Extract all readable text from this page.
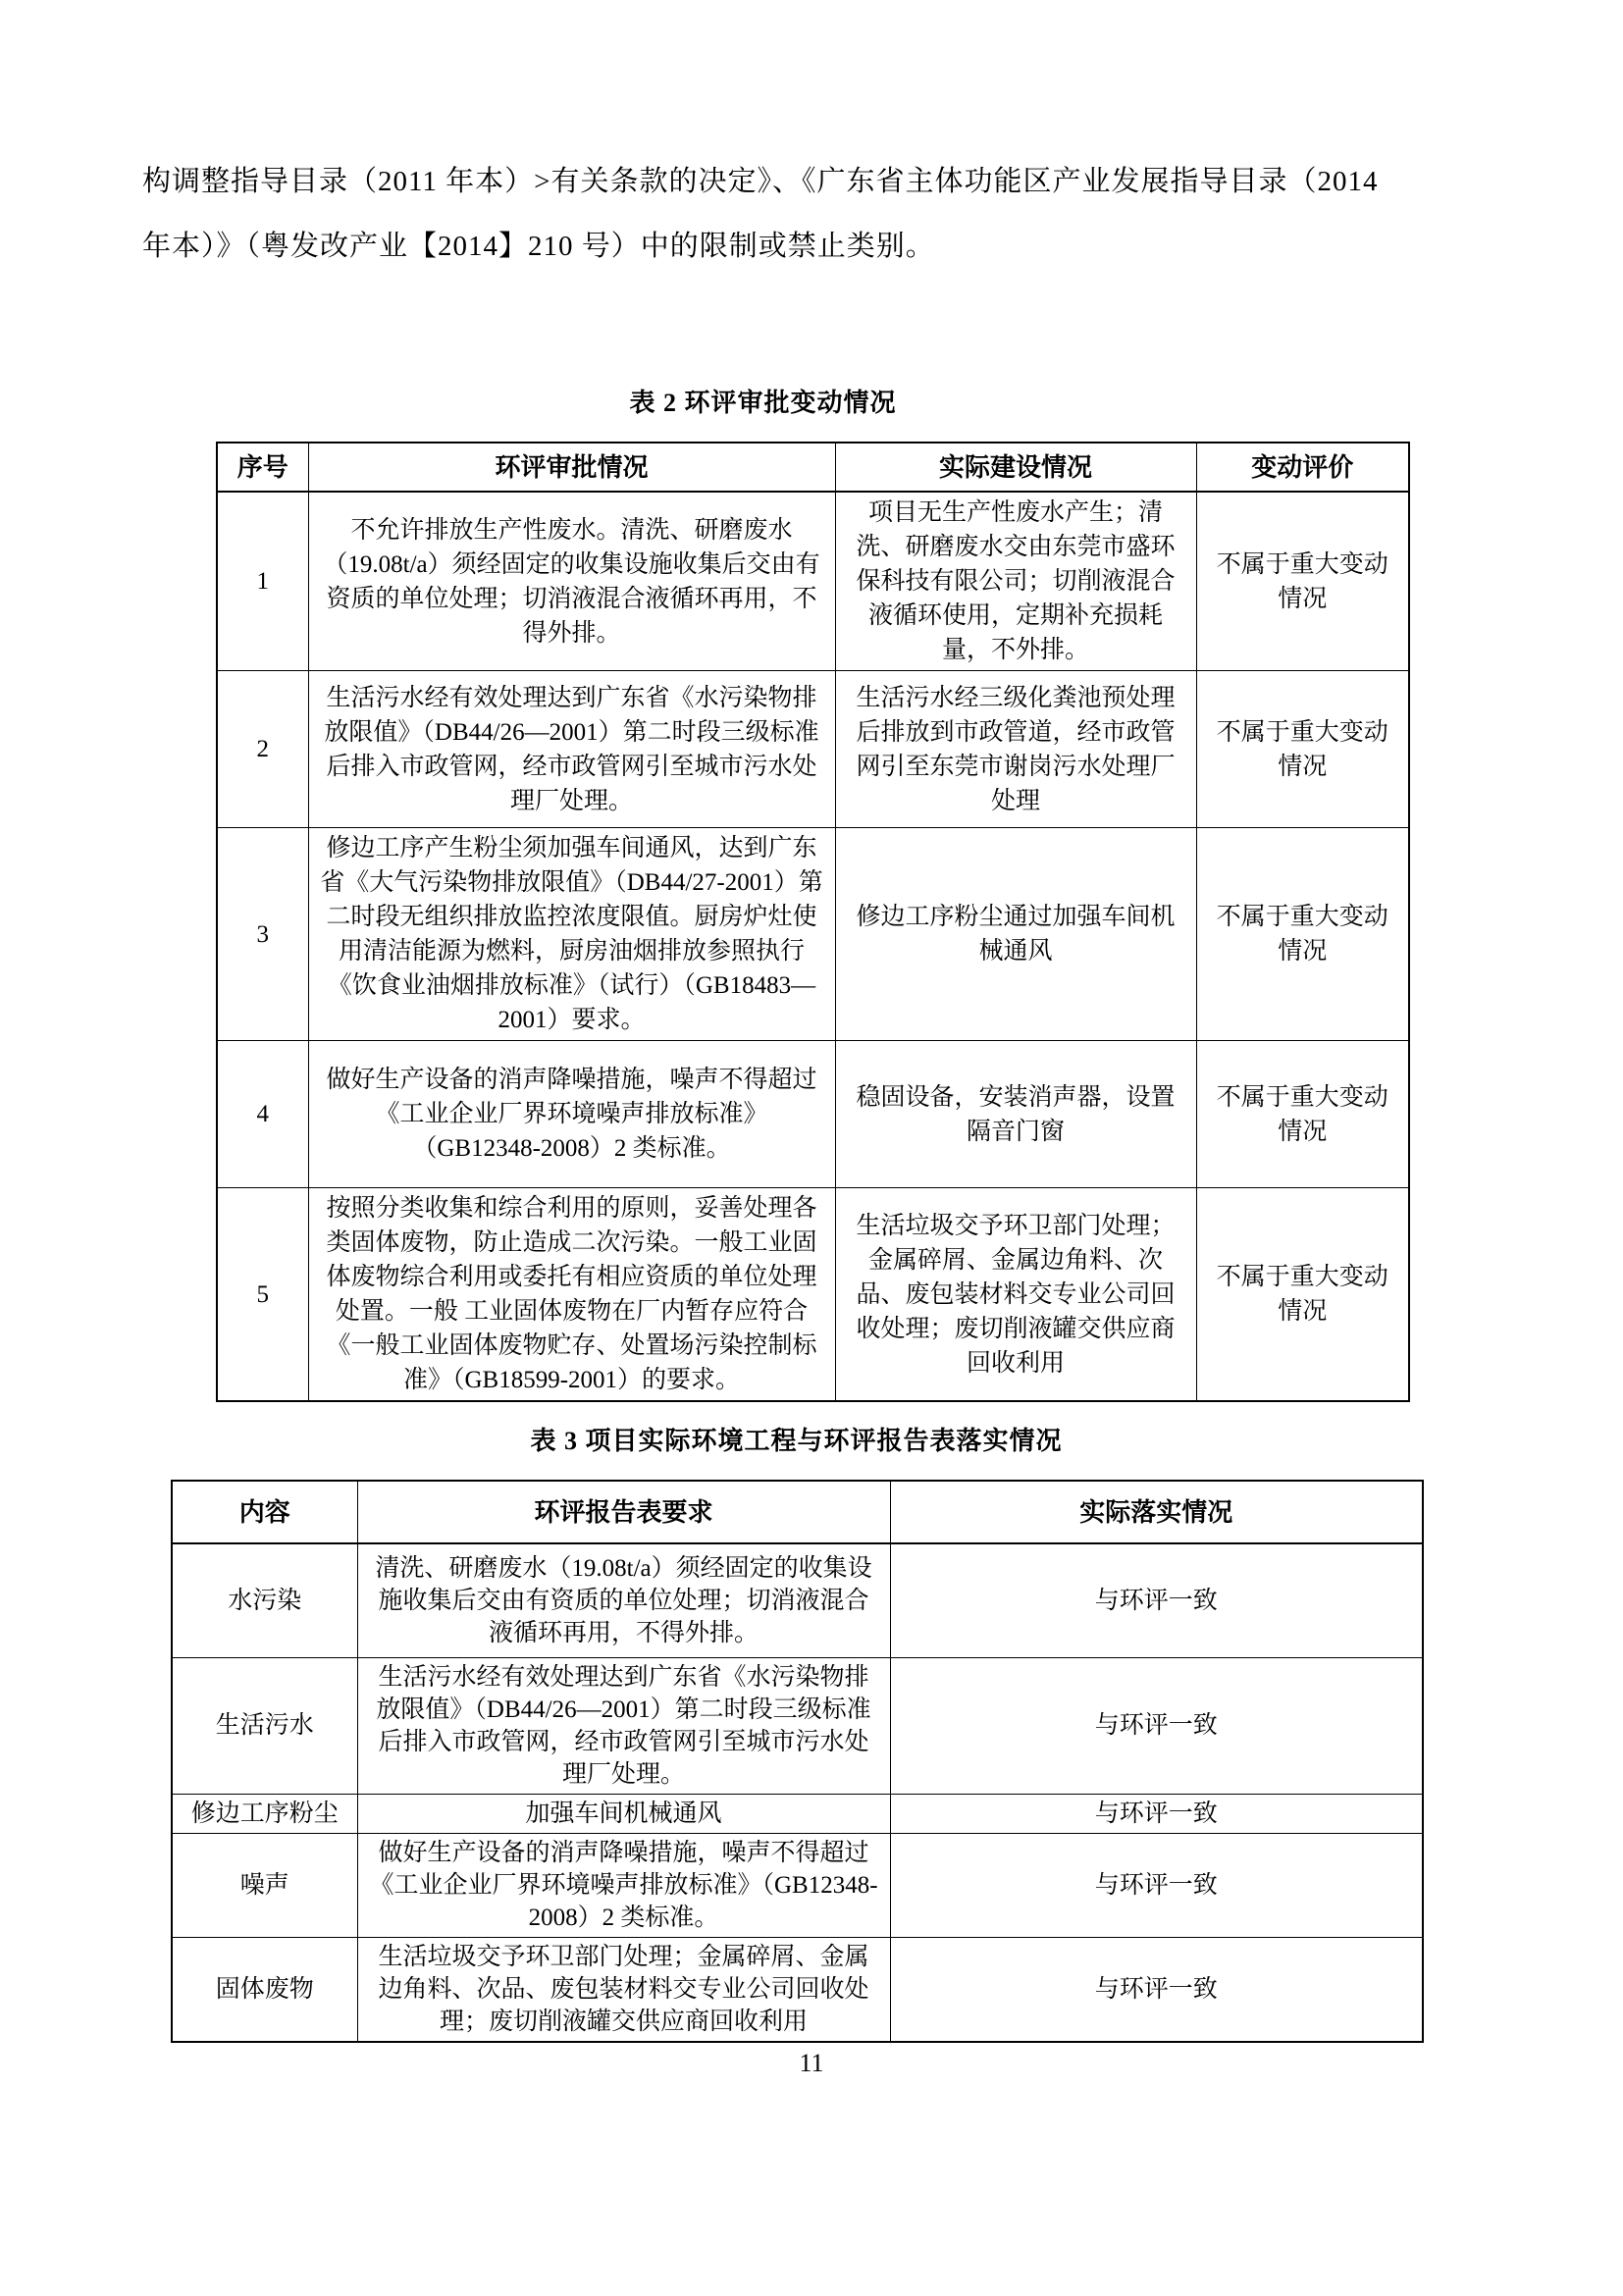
构调整指导目录（2011 年本）>有关条款的决定》、《广东省主体功能区产业发展指导目录（2014
年本）》（粤发改产业【2014】210 号）中的限制或禁止类别。
表 2 环评审批变动情况
序号	环评审批情况	实际建设情况	变动评价
1	不允许排放生产性废水。清洗、研磨废水（19.08t/a）须经固定的收集设施收集后交由有资质的单位处理；切消液混合液循环再用，不得外排。	项目无生产性废水产生；清洗、研磨废水交由东莞市盛环保科技有限公司；切削液混合液循环使用，定期补充损耗量，不外排。	不属于重大变动情况
2	生活污水经有效处理达到广东省《水污染物排放限值》（DB44/26—2001）第二时段三级标准后排入市政管网，经市政管网引至城市污水处理厂处理。	生活污水经三级化粪池预处理后排放到市政管道，经市政管网引至东莞市谢岗污水处理厂处理	不属于重大变动情况
3	修边工序产生粉尘须加强车间通风，达到广东省《大气污染物排放限值》（DB44/27-2001）第二时段无组织排放监控浓度限值。厨房炉灶使用清洁能源为燃料，厨房油烟排放参照执行《饮食业油烟排放标准》（试行）（GB18483—2001）要求。	修边工序粉尘通过加强车间机械通风	不属于重大变动情况
4	做好生产设备的消声降噪措施，噪声不得超过《工业企业厂界环境噪声排放标准》（GB12348-2008）2 类标准。	稳固设备，安装消声器，设置隔音门窗	不属于重大变动情况
5	按照分类收集和综合利用的原则，妥善处理各类固体废物，防止造成二次污染。一般工业固体废物综合利用或委托有相应资质的单位处理处置。一般 工业固体废物在厂内暂存应符合《一般工业固体废物贮存、处置场污染控制标准》（GB18599-2001）的要求。	生活垃圾交予环卫部门处理；金属碎屑、金属边角料、次品、废包装材料交专业公司回收处理；废切削液罐交供应商回收利用	不属于重大变动情况
表 3 项目实际环境工程与环评报告表落实情况
内容	环评报告表要求	实际落实情况
水污染	清洗、研磨废水（19.08t/a）须经固定的收集设施收集后交由有资质的单位处理；切消液混合液循环再用，不得外排。	与环评一致
生活污水	生活污水经有效处理达到广东省《水污染物排放限值》（DB44/26—2001）第二时段三级标准后排入市政管网，经市政管网引至城市污水处理厂处理。	与环评一致
修边工序粉尘	加强车间机械通风	与环评一致
噪声	做好生产设备的消声降噪措施，噪声不得超过《工业企业厂界环境噪声排放标准》（GB12348-2008）2 类标准。	与环评一致
固体废物	生活垃圾交予环卫部门处理；金属碎屑、金属边角料、次品、废包装材料交专业公司回收处理；废切削液罐交供应商回收利用	与环评一致
11
